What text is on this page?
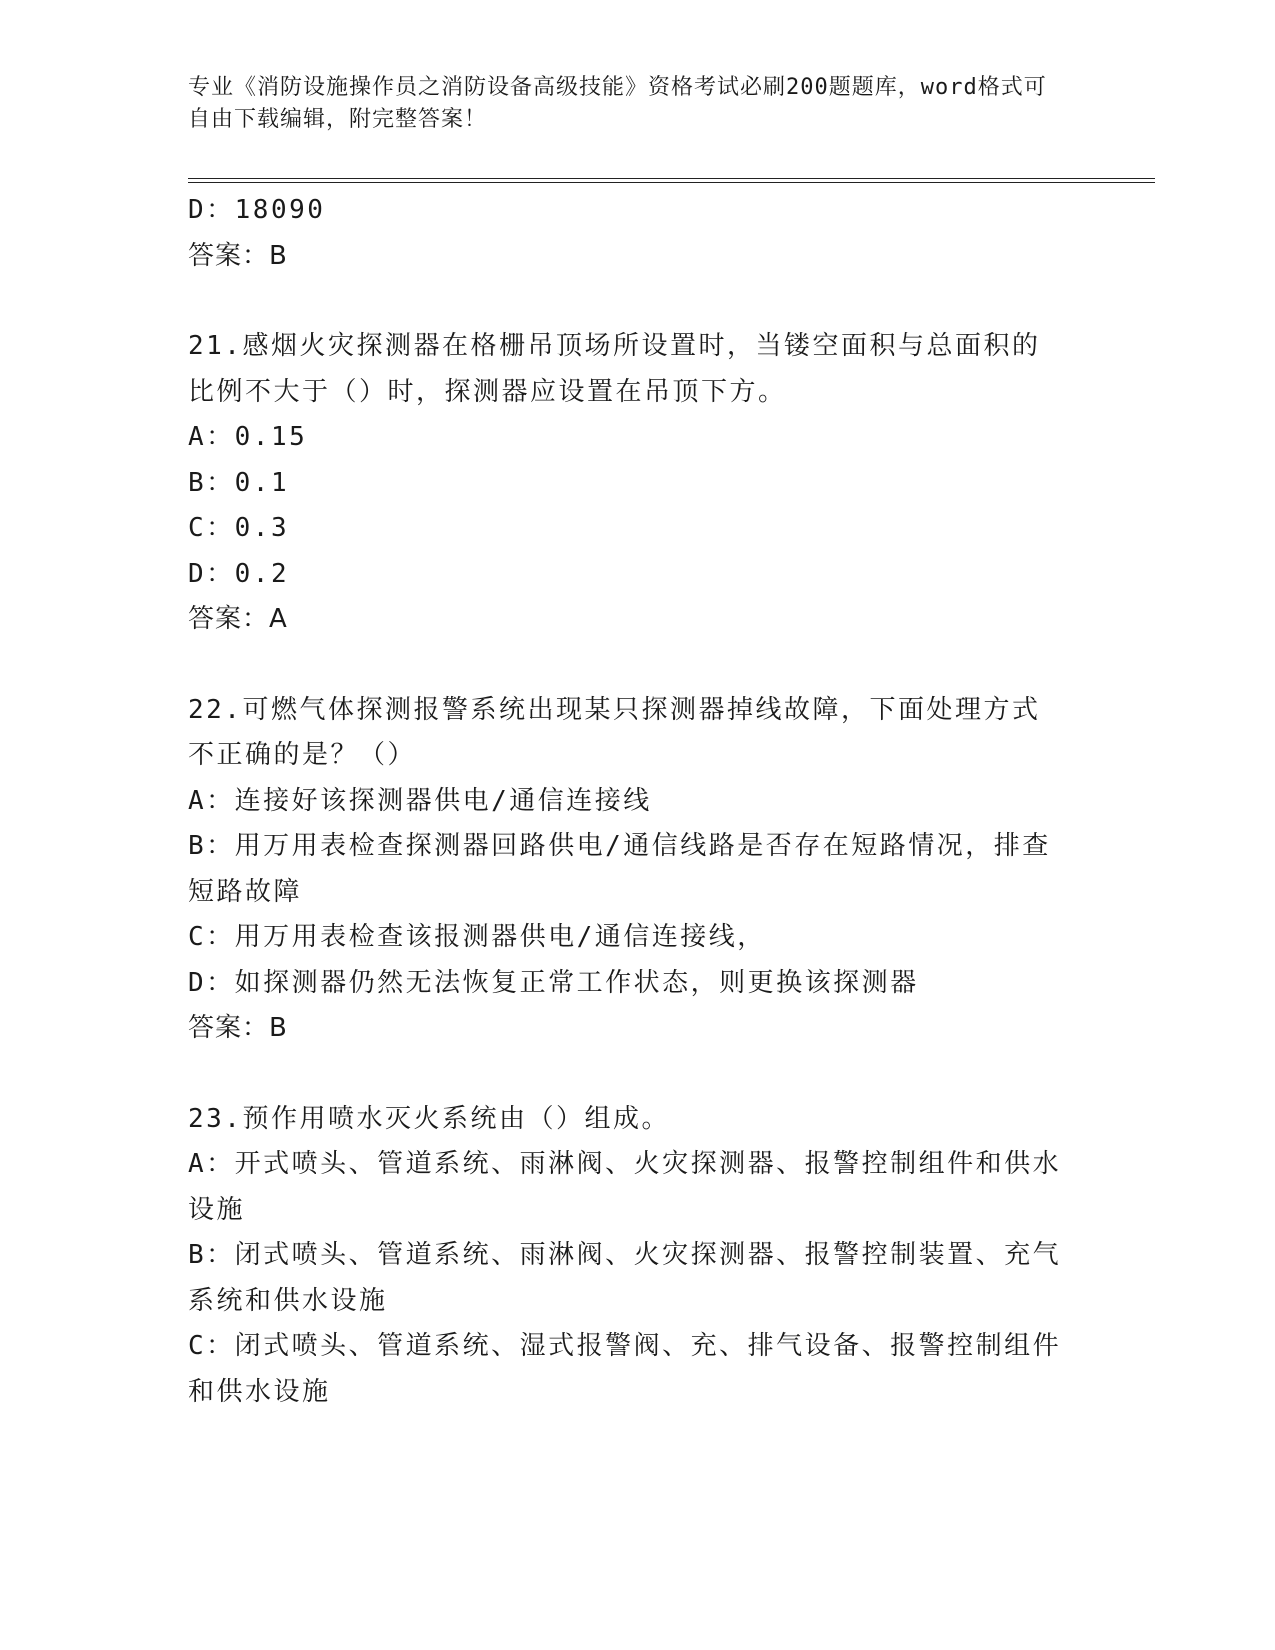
专业《消防设施操作员之消防设备高级技能》资格考试必刷200题题库，word格式可自由下载编辑，附完整答案！
D：18090
答案：B
21.感烟火灾探测器在格栅吊顶场所设置时，当镂空面积与总面积的比例不大于（）时，探测器应设置在吊顶下方。
A：0.15
B：0.1
C：0.3
D：0.2
答案：A
22.可燃气体探测报警系统出现某只探测器掉线故障，下面处理方式不正确的是？（）
A：连接好该探测器供电/通信连接线
B：用万用表检查探测器回路供电/通信线路是否存在短路情况，排查短路故障
C：用万用表检查该报测器供电/通信连接线，
D：如探测器仍然无法恢复正常工作状态，则更换该探测器
答案：B
23.预作用喷水灭火系统由（）组成。
A：开式喷头、管道系统、雨淋阀、火灾探测器、报警控制组件和供水设施
B：闭式喷头、管道系统、雨淋阀、火灾探测器、报警控制装置、充气系统和供水设施
C：闭式喷头、管道系统、湿式报警阀、充、排气设备、报警控制组件和供水设施
